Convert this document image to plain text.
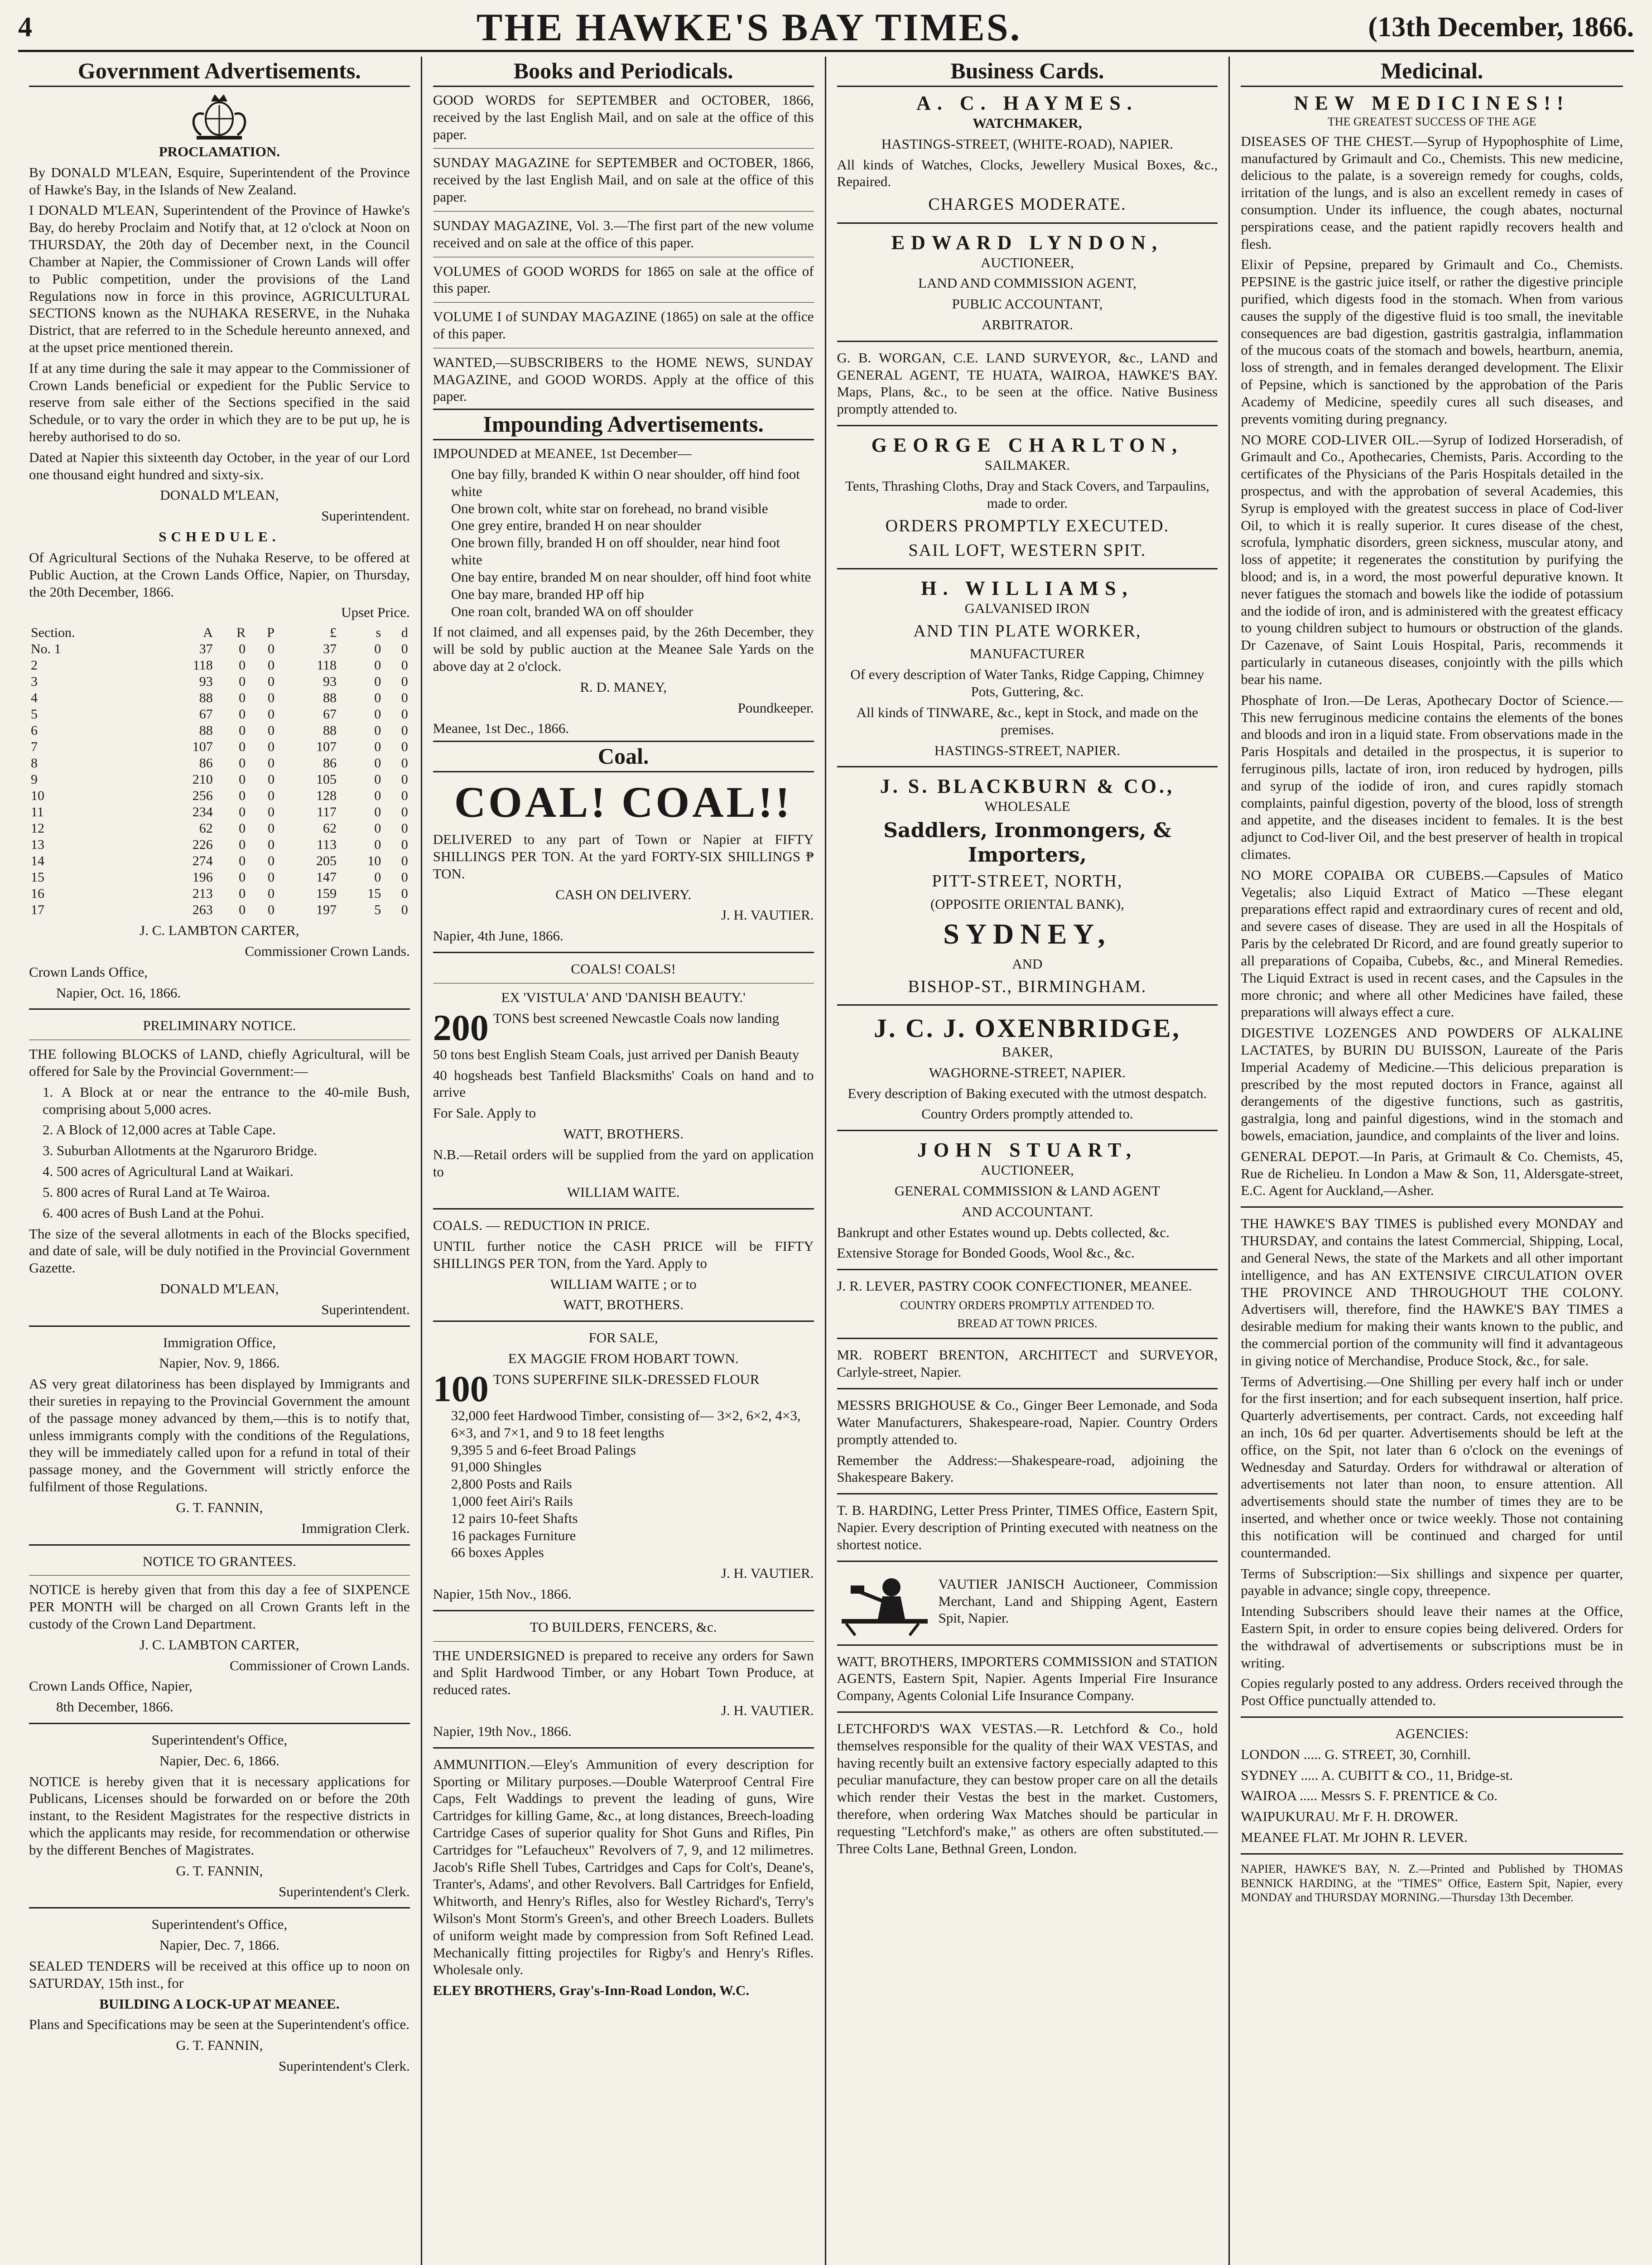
4	THE HAWKE'S BAY TIMES.	(13th December, 1866.
Government Advertisements.

PROCLAMATION.

By DONALD M'LEAN, Esquire, Superintendent of the Province of Hawke's Bay, in the Islands of New Zealand.

I DONALD M'LEAN, Superintendent of the Province of Hawke's Bay, do hereby Proclaim and Notify that, at 12 o'clock at Noon on THURSDAY, the 20th day of December next, in the Council Chamber at Napier, the Commissioner of Crown Lands will offer to Public competition, under the provisions of the Land Regulations now in force in this province, AGRICULTURAL SECTIONS known as the NUHAKA RESERVE, in the Nuhaka District, that are referred to in the Schedule hereunto annexed, and at the upset price mentioned therein.

If at any time during the sale it may appear to the Commissioner of Crown Lands beneficial or expedient for the Public Service to reserve from sale either of the Sections specified in the said Schedule, or to vary the order in which they are to be put up, he is hereby authorised to do so.

Dated at Napier this sixteenth day October, in the year of our Lord one thousand eight hundred and sixty-six.

DONALD M'LEAN,

Superintendent.

SCHEDULE.

Of Agricultural Sections of the Nuhaka Reserve, to be offered at Public Auction, at the Crown Lands Office, Napier, on Thursday, the 20th December, 1866.

Upset Price.

Section.	A	R	P	£	s	d
No. 1	37	0	0	37	0	0
2	118	0	0	118	0	0
3	93	0	0	93	0	0
4	88	0	0	88	0	0
5	67	0	0	67	0	0
6	88	0	0	88	0	0
7	107	0	0	107	0	0
8	86	0	0	86	0	0
9	210	0	0	105	0	0
10	256	0	0	128	0	0
11	234	0	0	117	0	0
12	62	0	0	62	0	0
13	226	0	0	113	0	0
14	274	0	0	205	10	0
15	196	0	0	147	0	0
16	213	0	0	159	15	0
17	263	0	0	197	5	0

J. C. LAMBTON CARTER,

Commissioner Crown Lands.

Crown Lands Office,

Napier, Oct. 16, 1866.

PRELIMINARY NOTICE.

THE following BLOCKS of LAND, chiefly Agricultural, will be offered for Sale by the Provincial Government:—

1. A Block at or near the entrance to the 40-mile Bush, comprising about 5,000 acres.

2. A Block of 12,000 acres at Table Cape.

3. Suburban Allotments at the Ngaruroro Bridge.

4. 500 acres of Agricultural Land at Waikari.

5. 800 acres of Rural Land at Te Wairoa.

6. 400 acres of Bush Land at the Pohui.

The size of the several allotments in each of the Blocks specified, and date of sale, will be duly notified in the Provincial Government Gazette.

DONALD M'LEAN,

Superintendent.

Immigration Office,

Napier, Nov. 9, 1866.

AS very great dilatoriness has been displayed by Immigrants and their sureties in repaying to the Provincial Government the amount of the passage money advanced by them,—this is to notify that, unless immigrants comply with the conditions of the Regulations, they will be immediately called upon for a refund in total of their passage money, and the Government will strictly enforce the fulfilment of those Regulations.

G. T. FANNIN,

Immigration Clerk.

NOTICE TO GRANTEES.

NOTICE is hereby given that from this day a fee of SIXPENCE PER MONTH will be charged on all Crown Grants left in the custody of the Crown Land Department.

J. C. LAMBTON CARTER,

Commissioner of Crown Lands.

Crown Lands Office, Napier,

8th December, 1866.

Superintendent's Office,

Napier, Dec. 6, 1866.

NOTICE is hereby given that it is necessary applications for Publicans, Licenses should be forwarded on or before the 20th instant, to the Resident Magistrates for the respective districts in which the applicants may reside, for recommendation or otherwise by the different Benches of Magistrates.

G. T. FANNIN,

Superintendent's Clerk.

Superintendent's Office,

Napier, Dec. 7, 1866.

SEALED TENDERS will be received at this office up to noon on SATURDAY, 15th inst., for

BUILDING A LOCK-UP AT MEANEE.

Plans and Specifications may be seen at the Superintendent's office.

G. T. FANNIN,

Superintendent's Clerk.

Books and Periodicals.

GOOD WORDS for SEPTEMBER and OCTOBER, 1866, received by the last English Mail, and on sale at the office of this paper.

SUNDAY MAGAZINE for SEPTEMBER and OCTOBER, 1866, received by the last English Mail, and on sale at the office of this paper.

SUNDAY MAGAZINE, Vol. 3.—The first part of the new volume received and on sale at the office of this paper.

VOLUMES of GOOD WORDS for 1865 on sale at the office of this paper.

VOLUME I of SUNDAY MAGAZINE (1865) on sale at the office of this paper.

WANTED,—SUBSCRIBERS to the HOME NEWS, SUNDAY MAGAZINE, and GOOD WORDS. Apply at the office of this paper.

Impounding Advertisements.

IMPOUNDED at MEANEE, 1st December—

One bay filly, branded K within O near shoulder, off hind foot white
One brown colt, white star on forehead, no brand visible
One grey entire, branded H on near shoulder
One brown filly, branded H on off shoulder, near hind foot white
One bay entire, branded M on near shoulder, off hind foot white
One bay mare, branded HP off hip
One roan colt, branded WA on off shoulder

If not claimed, and all expenses paid, by the 26th December, they will be sold by public auction at the Meanee Sale Yards on the above day at 2 o'clock.

R. D. MANEY,

Poundkeeper.

Meanee, 1st Dec., 1866.

Coal.
COAL! COAL!!

DELIVERED to any part of Town or Napier at FIFTY SHILLINGS PER TON. At the yard FORTY-SIX SHILLINGS ₱ TON.

CASH ON DELIVERY.

J. H. VAUTIER.

Napier, 4th June, 1866.

COALS! COALS!

EX 'VISTULA' AND 'DANISH BEAUTY.'

200 TONS best screened Newcastle Coals now landing

50 tons best English Steam Coals, just arrived per Danish Beauty

40 hogsheads best Tanfield Blacksmiths' Coals on hand and to arrive

For Sale. Apply to

WATT, BROTHERS.

N.B.—Retail orders will be supplied from the yard on application to

WILLIAM WAITE.

COALS. — REDUCTION IN PRICE.

UNTIL further notice the CASH PRICE will be FIFTY SHILLINGS PER TON, from the Yard. Apply to

WILLIAM WAITE ; or to

WATT, BROTHERS.

FOR SALE,

EX MAGGIE FROM HOBART TOWN.

100 TONS SUPERFINE SILK-DRESSED FLOUR

32,000 feet Hardwood Timber, consisting of— 3×2, 6×2, 4×3, 6×3, and 7×1, and 9 to 18 feet lengths
9,395 5 and 6-feet Broad Palings
91,000 Shingles
2,800 Posts and Rails
1,000 feet Airi's Rails
12 pairs 10-feet Shafts
16 packages Furniture
66 boxes Apples

J. H. VAUTIER.

Napier, 15th Nov., 1866.

TO BUILDERS, FENCERS, &c.

THE UNDERSIGNED is prepared to receive any orders for Sawn and Split Hardwood Timber, or any Hobart Town Produce, at reduced rates.

J. H. VAUTIER.

Napier, 19th Nov., 1866.

AMMUNITION.—Eley's Ammunition of every description for Sporting or Military purposes.—Double Waterproof Central Fire Caps, Felt Waddings to prevent the leading of guns, Wire Cartridges for killing Game, &c., at long distances, Breech-loading Cartridge Cases of superior quality for Shot Guns and Rifles, Pin Cartridges for "Lefaucheux" Revolvers of 7, 9, and 12 milimetres. Jacob's Rifle Shell Tubes, Cartridges and Caps for Colt's, Deane's, Tranter's, Adams', and other Revolvers. Ball Cartridges for Enfield, Whitworth, and Henry's Rifles, also for Westley Richard's, Terry's Wilson's Mont Storm's Green's, and other Breech Loaders. Bullets of uniform weight made by compression from Soft Refined Lead. Mechanically fitting projectiles for Rigby's and Henry's Rifles. Wholesale only.

ELEY BROTHERS, Gray's-Inn-Road London, W.C.

Business Cards.
A. C. HAYMES.

WATCHMAKER,

HASTINGS-STREET, (WHITE-ROAD), NAPIER.

All kinds of Watches, Clocks, Jewellery Musical Boxes, &c., Repaired.

CHARGES MODERATE.

EDWARD LYNDON,

AUCTIONEER,

LAND AND COMMISSION AGENT,

PUBLIC ACCOUNTANT,

ARBITRATOR.

G. B. WORGAN, C.E. LAND SURVEYOR, &c., LAND and GENERAL AGENT, TE HUATA, WAIROA, HAWKE'S BAY. Maps, Plans, &c., to be seen at the office. Native Business promptly attended to.

GEORGE CHARLTON,

SAILMAKER.

Tents, Thrashing Cloths, Dray and Stack Covers, and Tarpaulins, made to order.

ORDERS PROMPTLY EXECUTED.

SAIL LOFT, WESTERN SPIT.

H. WILLIAMS,

GALVANISED IRON

AND TIN PLATE WORKER,

MANUFACTURER

Of every description of Water Tanks, Ridge Capping, Chimney Pots, Guttering, &c.

All kinds of TINWARE, &c., kept in Stock, and made on the premises.

HASTINGS-STREET, NAPIER.

J. S. BLACKBURN & CO.,

WHOLESALE

Saddlers, Ironmongers, & Importers,

PITT-STREET, NORTH,

(OPPOSITE ORIENTAL BANK),

SYDNEY,

AND

BISHOP-ST., BIRMINGHAM.

J. C. J. OXENBRIDGE,

BAKER,

WAGHORNE-STREET, NAPIER.

Every description of Baking executed with the utmost despatch.

Country Orders promptly attended to.

JOHN STUART,

AUCTIONEER,

GENERAL COMMISSION & LAND AGENT

AND ACCOUNTANT.

Bankrupt and other Estates wound up. Debts collected, &c.

Extensive Storage for Bonded Goods, Wool &c., &c.

J. R. LEVER, PASTRY COOK CONFECTIONER, MEANEE.

COUNTRY ORDERS PROMPTLY ATTENDED TO.

BREAD AT TOWN PRICES.

MR. ROBERT BRENTON, ARCHITECT and SURVEYOR, Carlyle-street, Napier.

MESSRS BRIGHOUSE & Co., Ginger Beer Lemonade, and Soda Water Manufacturers, Shakespeare-road, Napier. Country Orders promptly attended to.

Remember the Address:—Shakespeare-road, adjoining the Shakespeare Bakery.

T. B. HARDING, Letter Press Printer, TIMES Office, Eastern Spit, Napier. Every description of Printing executed with neatness on the shortest notice.

VAUTIER JANISCH Auctioneer, Commission Merchant, Land and Shipping Agent, Eastern Spit, Napier.

WATT, BROTHERS, IMPORTERS COMMISSION and STATION AGENTS, Eastern Spit, Napier. Agents Imperial Fire Insurance Company, Agents Colonial Life Insurance Company.

LETCHFORD'S WAX VESTAS.—R. Letchford & Co., hold themselves responsible for the quality of their WAX VESTAS, and having recently built an extensive factory especially adapted to this peculiar manufacture, they can bestow proper care on all the details which render their Vestas the best in the market. Customers, therefore, when ordering Wax Matches should be particular in requesting "Letchford's make," as others are often substituted.—Three Colts Lane, Bethnal Green, London.

Medicinal.
NEW MEDICINES!!

THE GREATEST SUCCESS OF THE AGE

DISEASES OF THE CHEST.—Syrup of Hypophosphite of Lime, manufactured by Grimault and Co., Chemists. This new medicine, delicious to the palate, is a sovereign remedy for coughs, colds, irritation of the lungs, and is also an excellent remedy in cases of consumption. Under its influence, the cough abates, nocturnal perspirations cease, and the patient rapidly recovers health and flesh.

Elixir of Pepsine, prepared by Grimault and Co., Chemists. PEPSINE is the gastric juice itself, or rather the digestive principle purified, which digests food in the stomach. When from various causes the supply of the digestive fluid is too small, the inevitable consequences are bad digestion, gastritis gastralgia, inflammation of the mucous coats of the stomach and bowels, heartburn, anemia, loss of strength, and in females deranged development. The Elixir of Pepsine, which is sanctioned by the approbation of the Paris Academy of Medicine, speedily cures all such diseases, and prevents vomiting during pregnancy.

NO MORE COD-LIVER OIL.—Syrup of Iodized Horseradish, of Grimault and Co., Apothecaries, Chemists, Paris. According to the certificates of the Physicians of the Paris Hospitals detailed in the prospectus, and with the approbation of several Academies, this Syrup is employed with the greatest success in place of Cod-liver Oil, to which it is really superior. It cures disease of the chest, scrofula, lymphatic disorders, green sickness, muscular atony, and loss of appetite; it regenerates the constitution by purifying the blood; and is, in a word, the most powerful depurative known. It never fatigues the stomach and bowels like the iodide of potassium and the iodide of iron, and is administered with the greatest efficacy to young children subject to humours or obstruction of the glands. Dr Cazenave, of Saint Louis Hospital, Paris, recommends it particularly in cutaneous diseases, conjointly with the pills which bear his name.

Phosphate of Iron.—De Leras, Apothecary Doctor of Science.—This new ferruginous medicine contains the elements of the bones and bloods and iron in a liquid state. From observations made in the Paris Hospitals and detailed in the prospectus, it is superior to ferruginous pills, lactate of iron, iron reduced by hydrogen, pills and syrup of the iodide of iron, and cures rapidly stomach complaints, painful digestion, poverty of the blood, loss of strength and appetite, and the diseases incident to females. It is the best adjunct to Cod-liver Oil, and the best preserver of health in tropical climates.

NO MORE COPAIBA OR CUBEBS.—Capsules of Matico Vegetalis; also Liquid Extract of Matico —These elegant preparations effect rapid and extraordinary cures of recent and old, and severe cases of disease. They are used in all the Hospitals of Paris by the celebrated Dr Ricord, and are found greatly superior to all preparations of Copaiba, Cubebs, &c., and Mineral Remedies. The Liquid Extract is used in recent cases, and the Capsules in the more chronic; and where all other Medicines have failed, these preparations will always effect a cure.

DIGESTIVE LOZENGES AND POWDERS OF ALKALINE LACTATES, by BURIN DU BUISSON, Laureate of the Paris Imperial Academy of Medicine.—This delicious preparation is prescribed by the most reputed doctors in France, against all derangements of the digestive functions, such as gastritis, gastralgia, long and painful digestions, wind in the stomach and bowels, emaciation, jaundice, and complaints of the liver and loins.

GENERAL DEPOT.—In Paris, at Grimault & Co. Chemists, 45, Rue de Richelieu. In London a Maw & Son, 11, Aldersgate-street, E.C. Agent for Auckland,—Asher.

THE HAWKE'S BAY TIMES is published every MONDAY and THURSDAY, and contains the latest Commercial, Shipping, Local, and General News, the state of the Markets and all other important intelligence, and has AN EXTENSIVE CIRCULATION OVER THE PROVINCE AND THROUGHOUT THE COLONY. Advertisers will, therefore, find the HAWKE'S BAY TIMES a desirable medium for making their wants known to the public, and the commercial portion of the community will find it advantageous in giving notice of Merchandise, Produce Stock, &c., for sale.

Terms of Advertising.—One Shilling per every half inch or under for the first insertion; and for each subsequent insertion, half price. Quarterly advertisements, per contract. Cards, not exceeding half an inch, 10s 6d per quarter. Advertisements should be left at the office, on the Spit, not later than 6 o'clock on the evenings of Wednesday and Saturday. Orders for withdrawal or alteration of advertisements not later than noon, to ensure attention. All advertisements should state the number of times they are to be inserted, and whether once or twice weekly. Those not containing this notification will be continued and charged for until countermanded.

Terms of Subscription:—Six shillings and sixpence per quarter, payable in advance; single copy, threepence.

Intending Subscribers should leave their names at the Office, Eastern Spit, in order to ensure copies being delivered. Orders for the withdrawal of advertisements or subscriptions must be in writing.

Copies regularly posted to any address. Orders received through the Post Office punctually attended to.

AGENCIES:

LONDON ..... G. STREET, 30, Cornhill.

SYDNEY ..... A. CUBITT & CO., 11, Bridge-st.

WAIROA ..... Messrs S. F. PRENTICE & Co.

WAIPUKURAU. Mr F. H. DROWER.

MEANEE FLAT. Mr JOHN R. LEVER.

NAPIER, HAWKE'S BAY, N. Z.—Printed and Published by THOMAS BENNICK HARDING, at the "TIMES" Office, Eastern Spit, Napier, every MONDAY and THURSDAY MORNING.—Thursday 13th December.
